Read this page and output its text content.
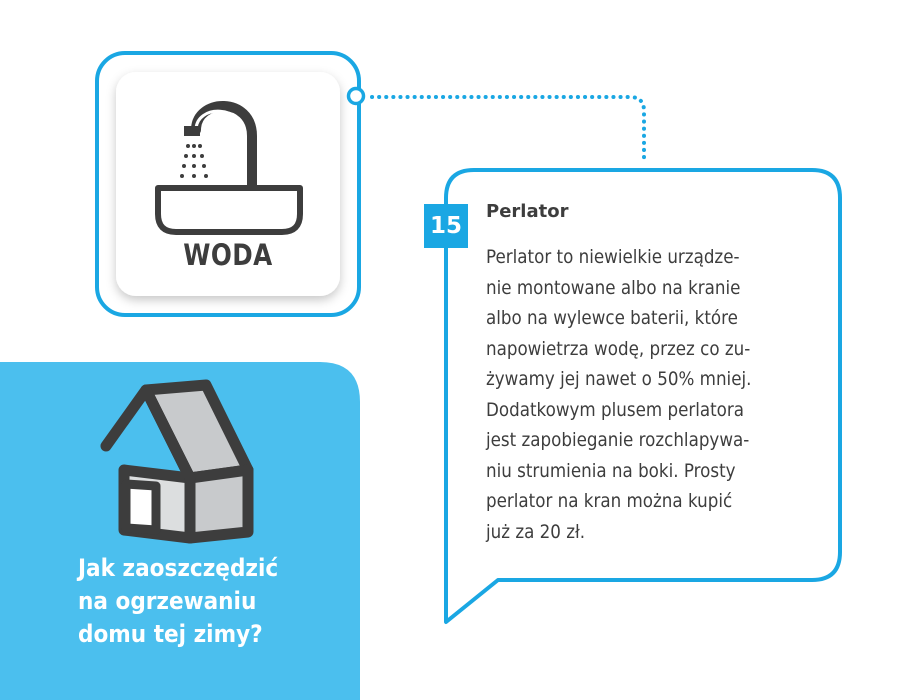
WODA
15
Perlator
Perlator to niewielkie urządze-
nie montowane albo na kranie
albo na wylewce baterii, które
napowietrza wodę, przez co zu-
żywamy jej nawet o 50% mniej.
Dodatkowym plusem perlatora
jest zapobieganie rozchlapywa-
niu strumienia na boki. Prosty
perlator na kran można kupić
już za 20 zł.
Jak zaoszczędzić
na ogrzewaniu
domu tej zimy?
